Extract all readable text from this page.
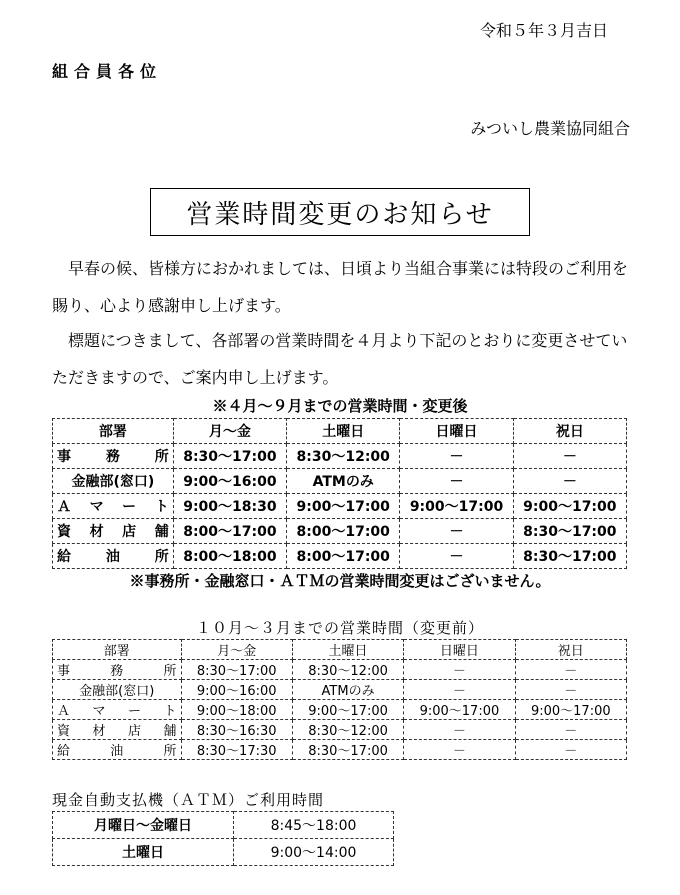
令和５年３月吉日
組合員各位
みついし農業協同組合
営業時間変更のお知らせ
早春の候、皆様方におかれましては、日頃より当組合事業には特段のご利用を賜り、心より感謝申し上げます。
標題につきまして、各部署の営業時間を４月より下記のとおりに変更させていただきますので、ご案内申し上げます。
※４月～９月までの営業時間・変更後
部署	月～金	土曜日	日曜日	祝日
事　務　所	8:30～17:00	8:30～12:00	－	－
金融部(窓口)	9:00～16:00	ATMのみ	－	－
Ａ　マ　ー　ト	9:00～18:30	9:00～17:00	9:00～17:00	9:00～17:00
資　材　店　舗	8:00～17:00	8:00～17:00	－	8:30～17:00
給　　油　　所	8:00～18:00	8:00～17:00	－	8:30～17:00
※事務所・金融窓口・ＡＴＭの営業時間変更はございません。
１０月～３月までの営業時間（変更前）
部署	月～金	土曜日	日曜日	祝日
事　務　所	8:30～17:00	8:30～12:00	－	－
金融部(窓口)	9:00～16:00	ATMのみ	－	－
Ａ　マ　ー　ト	9:00～18:00	9:00～17:00	9:00～17:00	9:00～17:00
資　材　店　舗	8:30～16:30	8:30～12:00	－	－
給　　油　　所	8:30～17:30	8:30～17:00	－	－
現金自動支払機（ＡＴＭ）ご利用時間
月曜日～金曜日	8:45～18:00
土曜日	9:00～14:00
